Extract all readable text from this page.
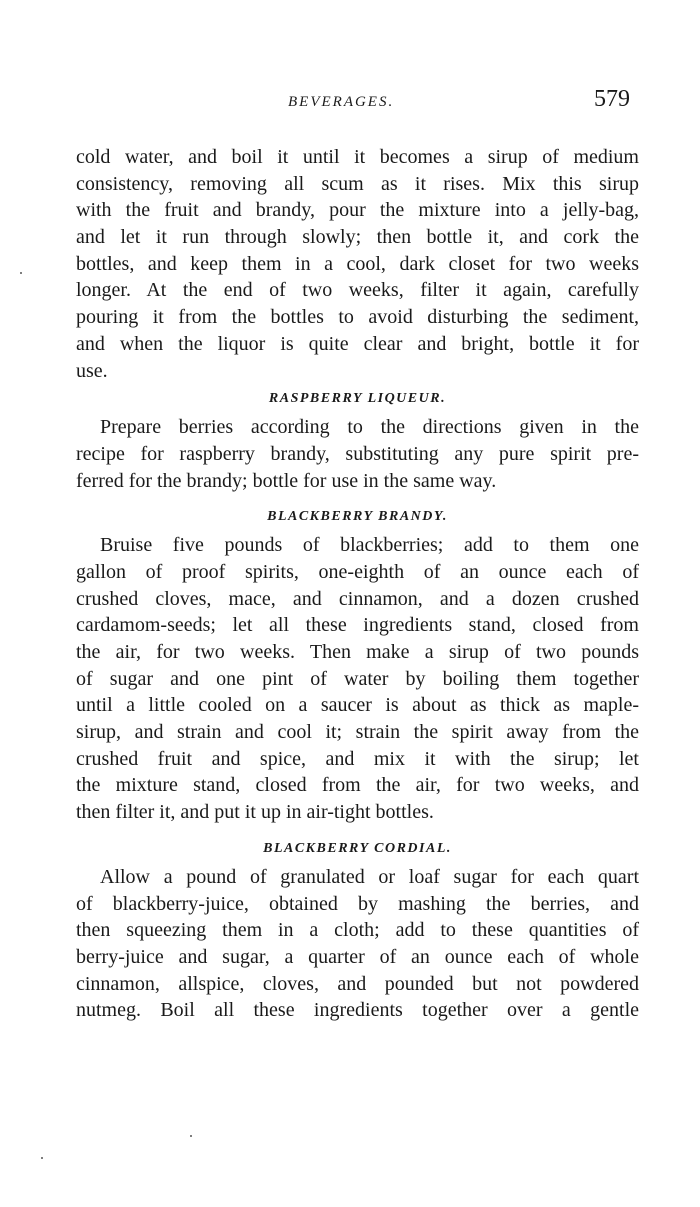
BEVERAGES.	579
cold water, and boil it until it becomes a sirup of medium
consistency, removing all scum as it rises. Mix this sirup
with the fruit and brandy, pour the mixture into a jelly-bag,
and let it run through slowly; then bottle it, and cork the
bottles, and keep them in a cool, dark closet for two weeks
longer. At the end of two weeks, filter it again, carefully
pouring it from the bottles to avoid disturbing the sediment,
and when the liquor is quite clear and bright, bottle it for
use.
RASPBERRY LIQUEUR.
Prepare berries according to the directions given in the
recipe for raspberry brandy, substituting any pure spirit pre-
ferred for the brandy; bottle for use in the same way.
BLACKBERRY BRANDY.
Bruise five pounds of blackberries; add to them one
gallon of proof spirits, one-eighth of an ounce each of
crushed cloves, mace, and cinnamon, and a dozen crushed
cardamom-seeds; let all these ingredients stand, closed from
the air, for two weeks. Then make a sirup of two pounds
of sugar and one pint of water by boiling them together
until a little cooled on a saucer is about as thick as maple-
sirup, and strain and cool it; strain the spirit away from the
crushed fruit and spice, and mix it with the sirup; let
the mixture stand, closed from the air, for two weeks, and
then filter it, and put it up in air-tight bottles.
BLACKBERRY CORDIAL.
Allow a pound of granulated or loaf sugar for each quart
of blackberry-juice, obtained by mashing the berries, and
then squeezing them in a cloth; add to these quantities of
berry-juice and sugar, a quarter of an ounce each of whole
cinnamon, allspice, cloves, and pounded but not powdered
nutmeg. Boil all these ingredients together over a gentle
